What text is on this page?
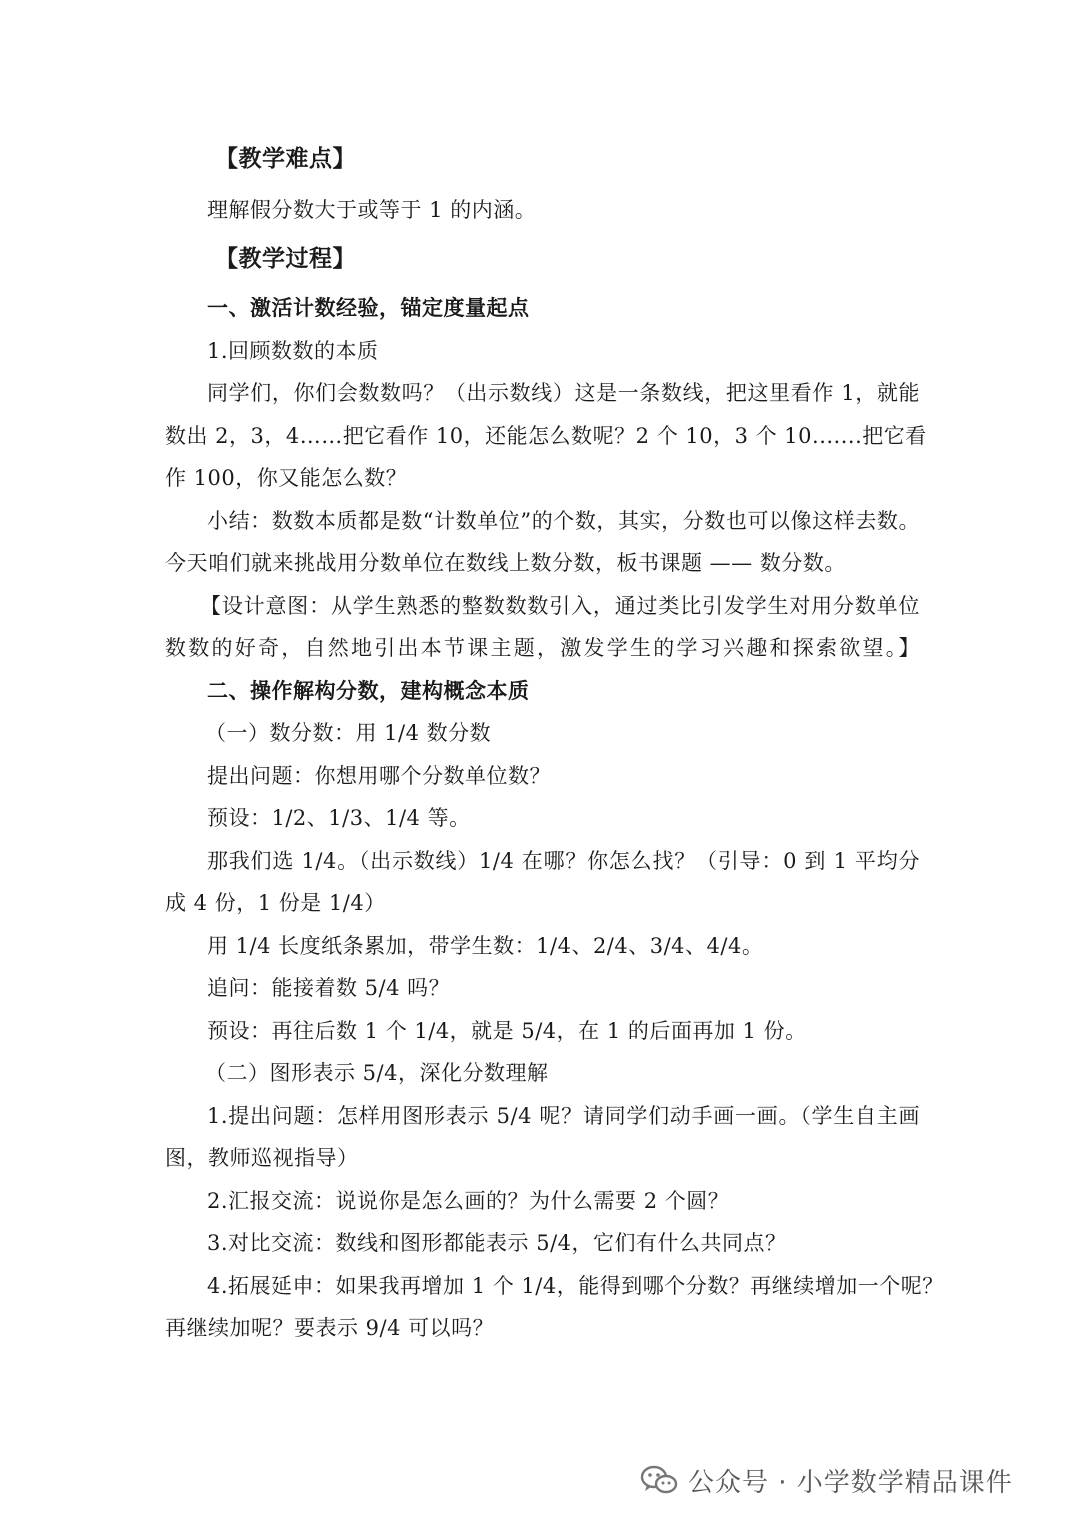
【教学难点】
理解假分数大于或等于 1 的内涵。
【教学过程】
一、激活计数经验，锚定度量起点
1.回顾数数的本质
同学们，你们会数数吗？（出示数线）这是一条数线，把这里看作 1，就能
数出 2，3，4……把它看作 10，还能怎么数呢？2 个 10，3 个 10.......把它看
作 100，你又能怎么数？
小结：数数本质都是数“计数单位”的个数，其实，分数也可以像这样去数。
今天咱们就来挑战用分数单位在数线上数分数，板书课题 —— 数分数。
【设计意图：从学生熟悉的整数数数引入，通过类比引发学生对用分数单位
数数的好奇，自然地引出本节课主题，激发学生的学习兴趣和探索欲望。】
二、操作解构分数，建构概念本质
（一）数分数：用 1/4 数分数
提出问题：你想用哪个分数单位数？
预设：1/2、1/3、1/4 等。
那我们选 1/4。（出示数线）1/4 在哪？你怎么找？（引导：0 到 1 平均分
成 4 份，1 份是 1/4）
用 1/4 长度纸条累加，带学生数：1/4、2/4、3/4、4/4。
追问：能接着数 5/4 吗？
预设：再往后数 1 个 1/4，就是 5/4，在 1 的后面再加 1 份。
（二）图形表示 5/4，深化分数理解
1.提出问题：怎样用图形表示 5/4 呢？请同学们动手画一画。（学生自主画
图，教师巡视指导）
2.汇报交流：说说你是怎么画的？为什么需要 2 个圆？
3.对比交流：数线和图形都能表示 5/4，它们有什么共同点？
4.拓展延申：如果我再增加 1 个 1/4，能得到哪个分数？再继续增加一个呢？
再继续加呢？要表示 9/4 可以吗？
公众号 · 小学数学精品课件
